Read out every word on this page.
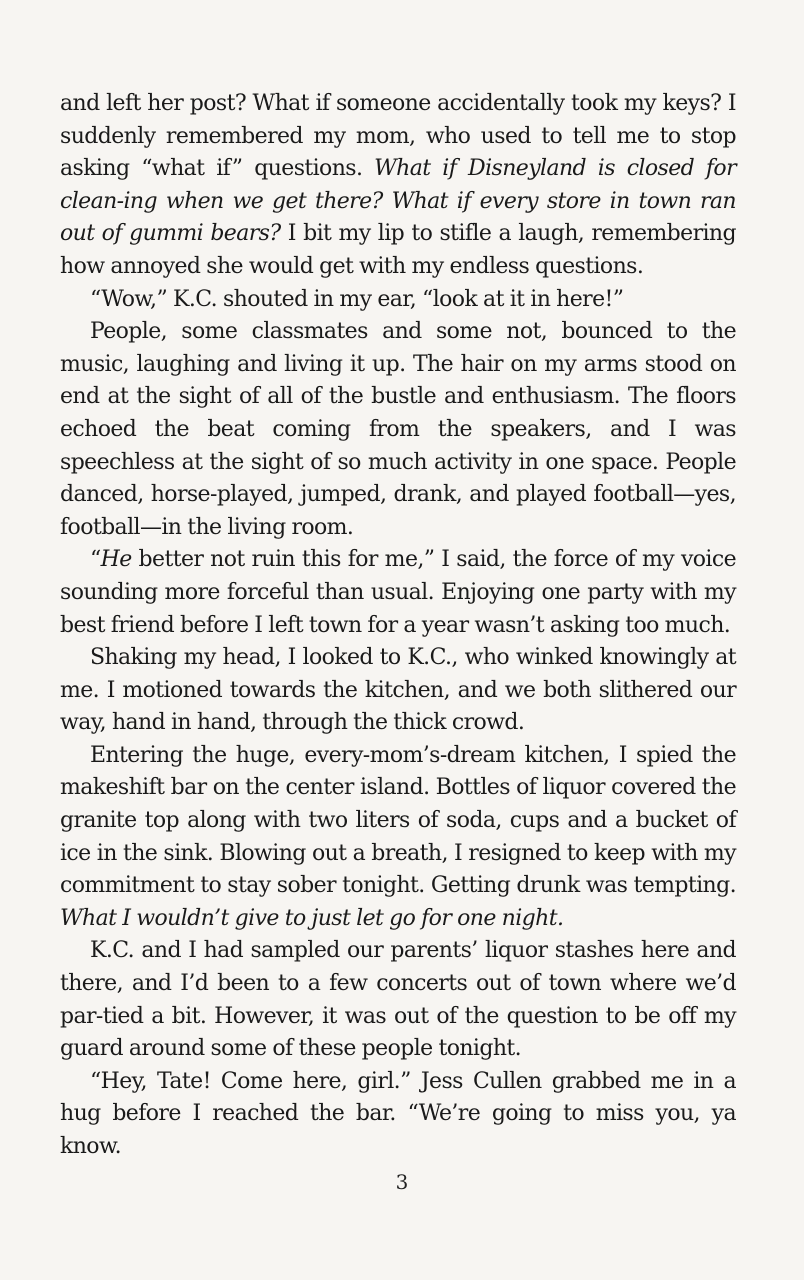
and left her post? What if someone accidentally took my keys? I suddenly remembered my mom, who used to tell me to stop asking “what if” questions. What if Disneyland is closed for clean-ing when we get there? What if every store in town ran out of gummi bears? I bit my lip to stifle a laugh, remembering how annoyed she would get with my endless questions.

“Wow,” K.C. shouted in my ear, “look at it in here!”

People, some classmates and some not, bounced to the music, laughing and living it up. The hair on my arms stood on end at the sight of all of the bustle and enthusiasm. The floors echoed the beat coming from the speakers, and I was speechless at the sight of so much activity in one space. People danced, horse-played, jumped, drank, and played football—yes, football—in the living room.

“He better not ruin this for me,” I said, the force of my voice sounding more forceful than usual. Enjoying one party with my best friend before I left town for a year wasn’t asking too much.

Shaking my head, I looked to K.C., who winked knowingly at me. I motioned towards the kitchen, and we both slithered our way, hand in hand, through the thick crowd.

Entering the huge, every-mom’s-dream kitchen, I spied the makeshift bar on the center island. Bottles of liquor covered the granite top along with two liters of soda, cups and a bucket of ice in the sink. Blowing out a breath, I resigned to keep with my commitment to stay sober tonight. Getting drunk was tempting. What I wouldn’t give to just let go for one night.

K.C. and I had sampled our parents’ liquor stashes here and there, and I’d been to a few concerts out of town where we’d par-tied a bit. However, it was out of the question to be off my guard around some of these people tonight.

“Hey, Tate! Come here, girl.” Jess Cullen grabbed me in a hug before I reached the bar. “We’re going to miss you, ya know.

3
